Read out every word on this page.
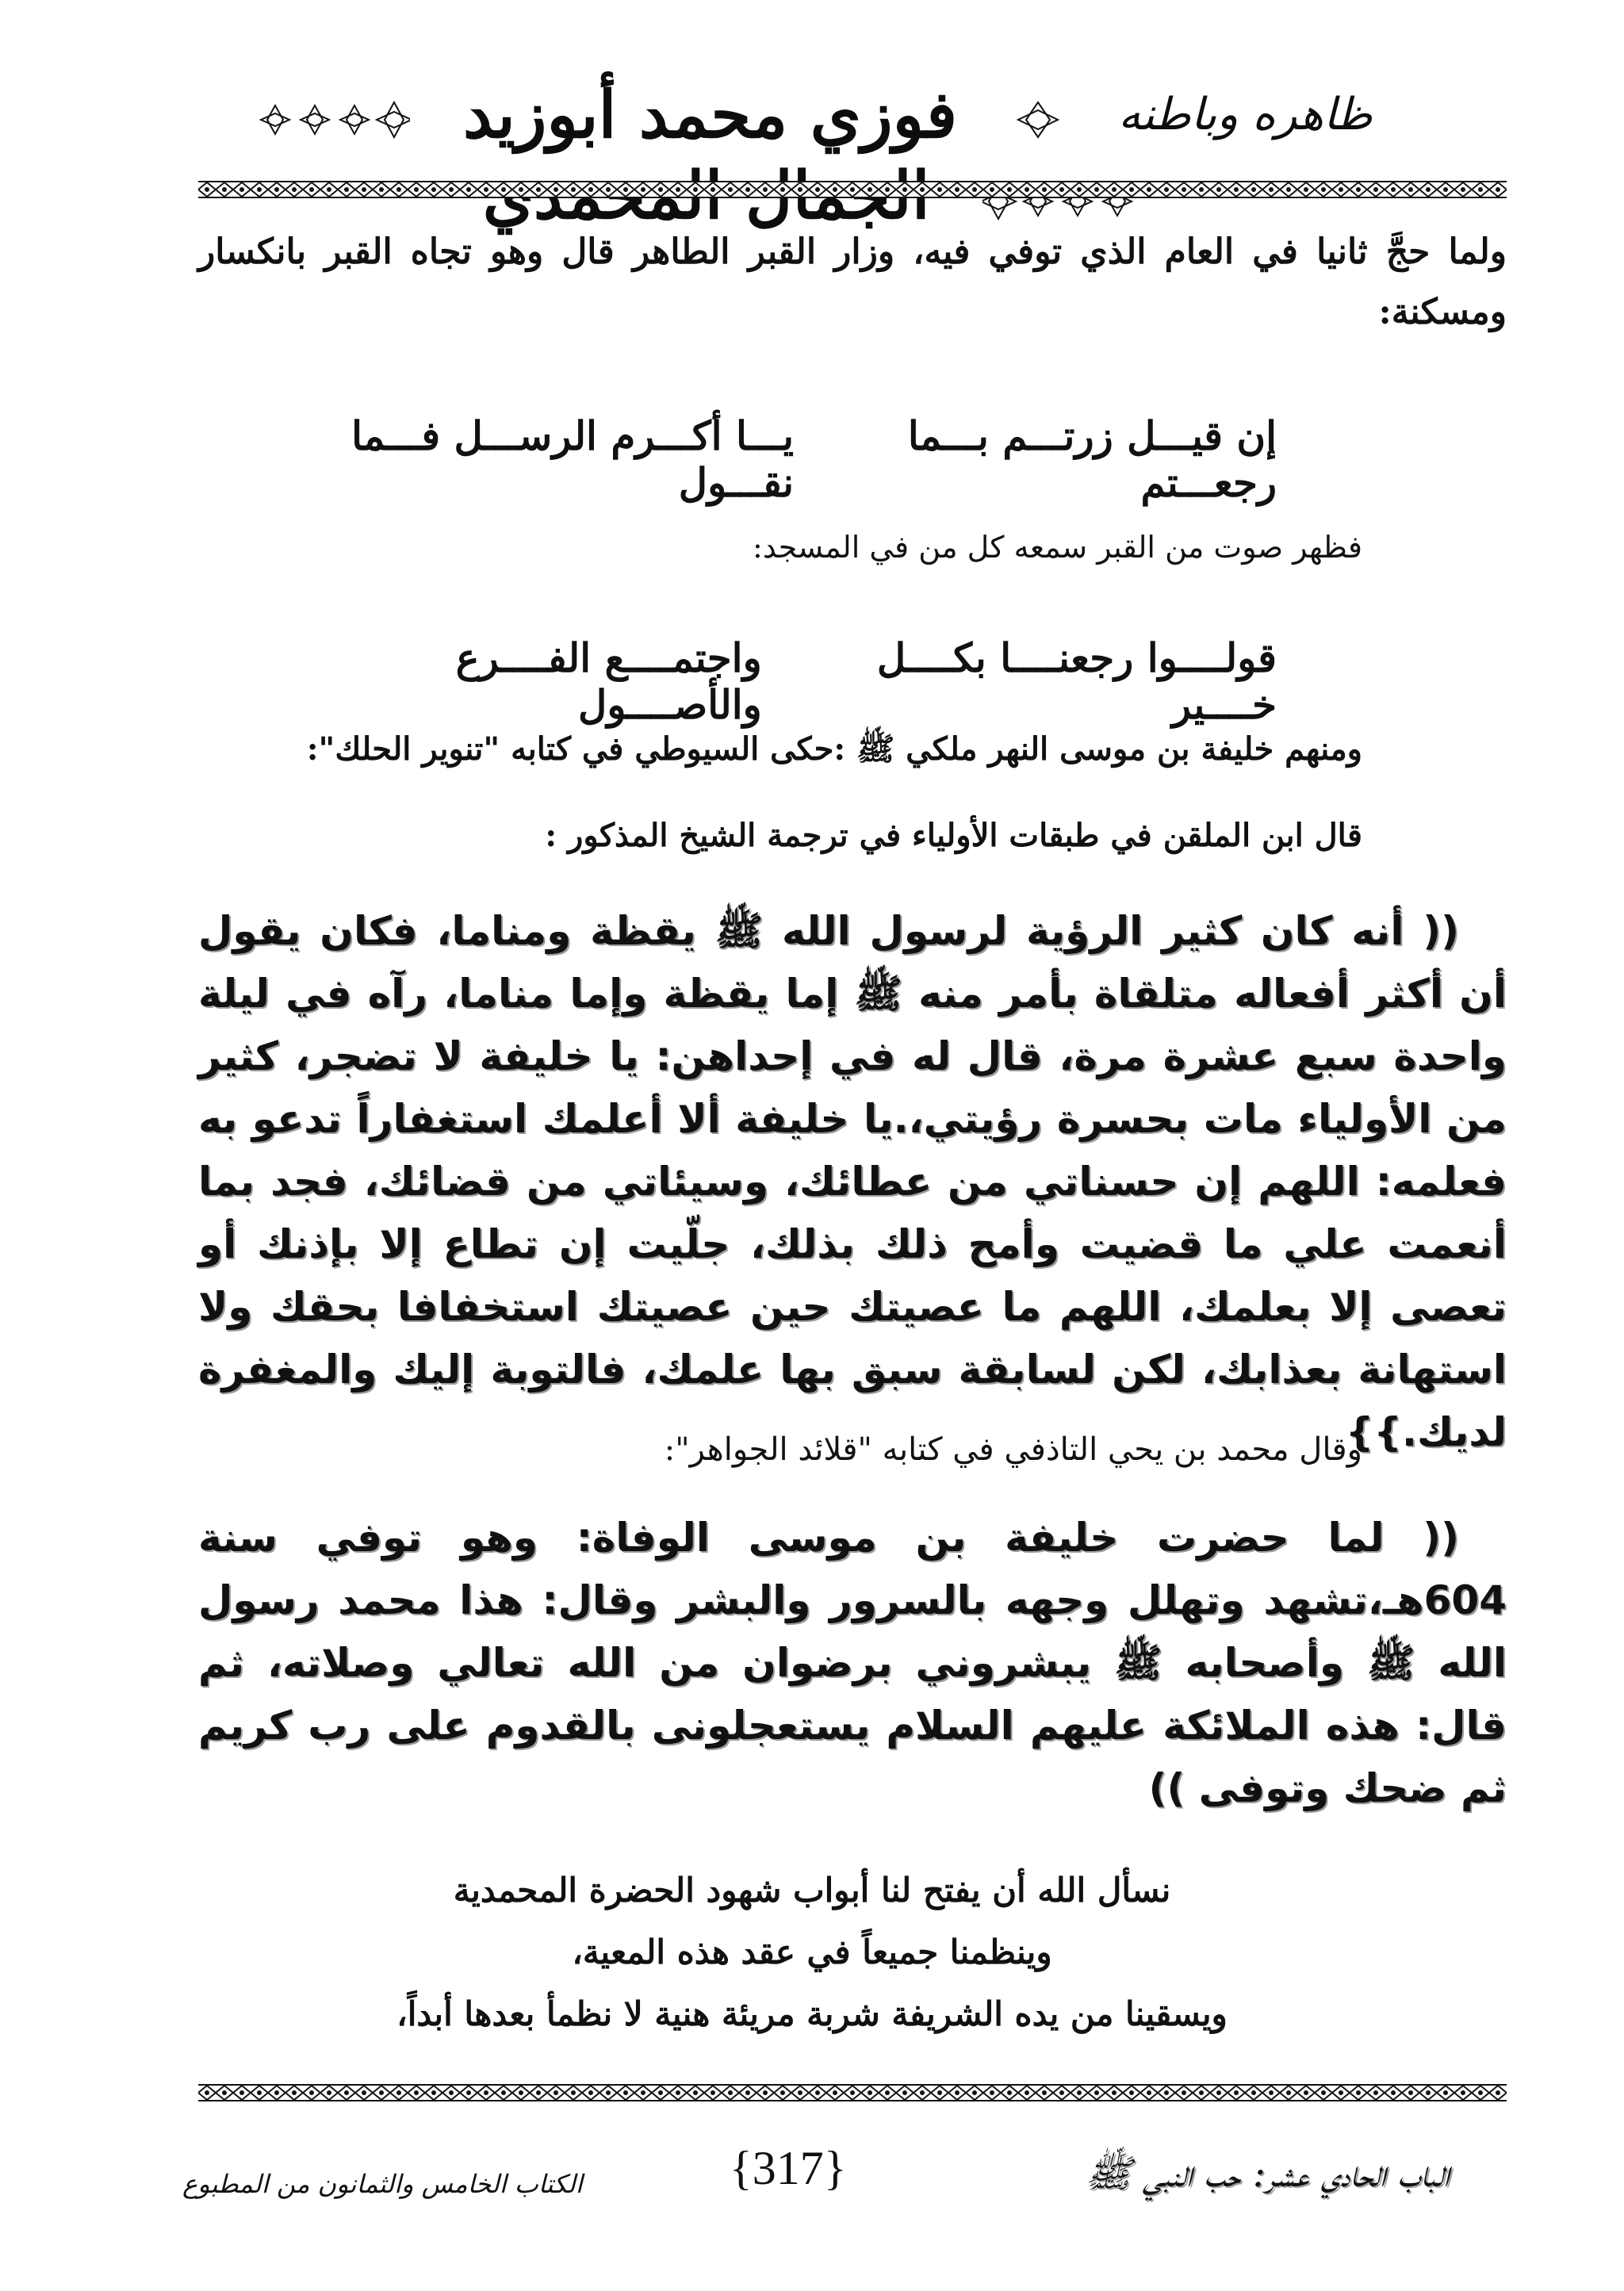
فوزي محمد أبوزيد	ظاهره وباطنه
ولما حجَّ ثانيا في العام الذي توفي فيه، وزار القبر الطاهر قال وهو تجاه القبر بانكسار ومسكنة:
إن قيـــل زرتـــم بـــما رجعـــتم
يـــا أكـــرم الرســـل فـــما نقـــول
فظهر صوت من القبر سمعه كل من في المسجد:
قولــــوا رجعنــــا بكــــل خــــير
واجتمــــع الفــــرع والأصــــول
ومنهم خليفة بن موسى النهر ملكي ﷺ :حكى السيوطي في كتابه "تنوير الحلك":
قال ابن الملقن في طبقات الأولياء في ترجمة الشيخ المذكور :
(( أنه كان كثير الرؤية لرسول الله ﷺ يقظة ومناما، فكان يقول أن أكثر أفعاله متلقاة بأمر منه ﷺ إما يقظة وإما مناما، رآه في ليلة واحدة سبع عشرة مرة، قال له في إحداهن: يا خليفة لا تضجر، كثير من الأولياء مات بحسرة رؤيتي،.يا خليفة ألا أعلمك استغفاراً تدعو به فعلمه: اللهم إن حسناتي من عطائك، وسيئاتي من قضائك، فجد بما أنعمت علي ما قضيت وأمح ذلك بذلك، جلّيت إن تطاع إلا بإذنك أو تعصى إلا بعلمك، اللهم ما عصيتك حين عصيتك استخفافا بحقك ولا استهانة بعذابك، لكن لسابقة سبق بها علمك، فالتوبة إليك والمغفرة لديك.}}
وقال محمد بن يحي التاذفي في كتابه "قلائد الجواهر":
(( لما حضرت خليفة بن موسى الوفاة: وهو توفي سنة 604هـ،تشهد وتهلل وجهه بالسرور والبشر وقال: هذا محمد رسول الله ﷺ وأصحابه ﷺ يبشروني برضوان من الله تعالي وصلاته، ثم قال: هذه الملائكة عليهم السلام يستعجلونى بالقدوم على رب كريم ثم ضحك وتوفى ))
نسأل الله أن يفتح لنا أبواب شهود الحضرة المحمدية
وينظمنا جميعاً في عقد هذه المعية،
ويسقينا من يده الشريفة شربة مريئة هنية لا نظمأ بعدها أبداً،
الكتاب الخامس والثمانون من المطبوع	{317}	الباب الحادي عشر: حب النبي ﷺ
